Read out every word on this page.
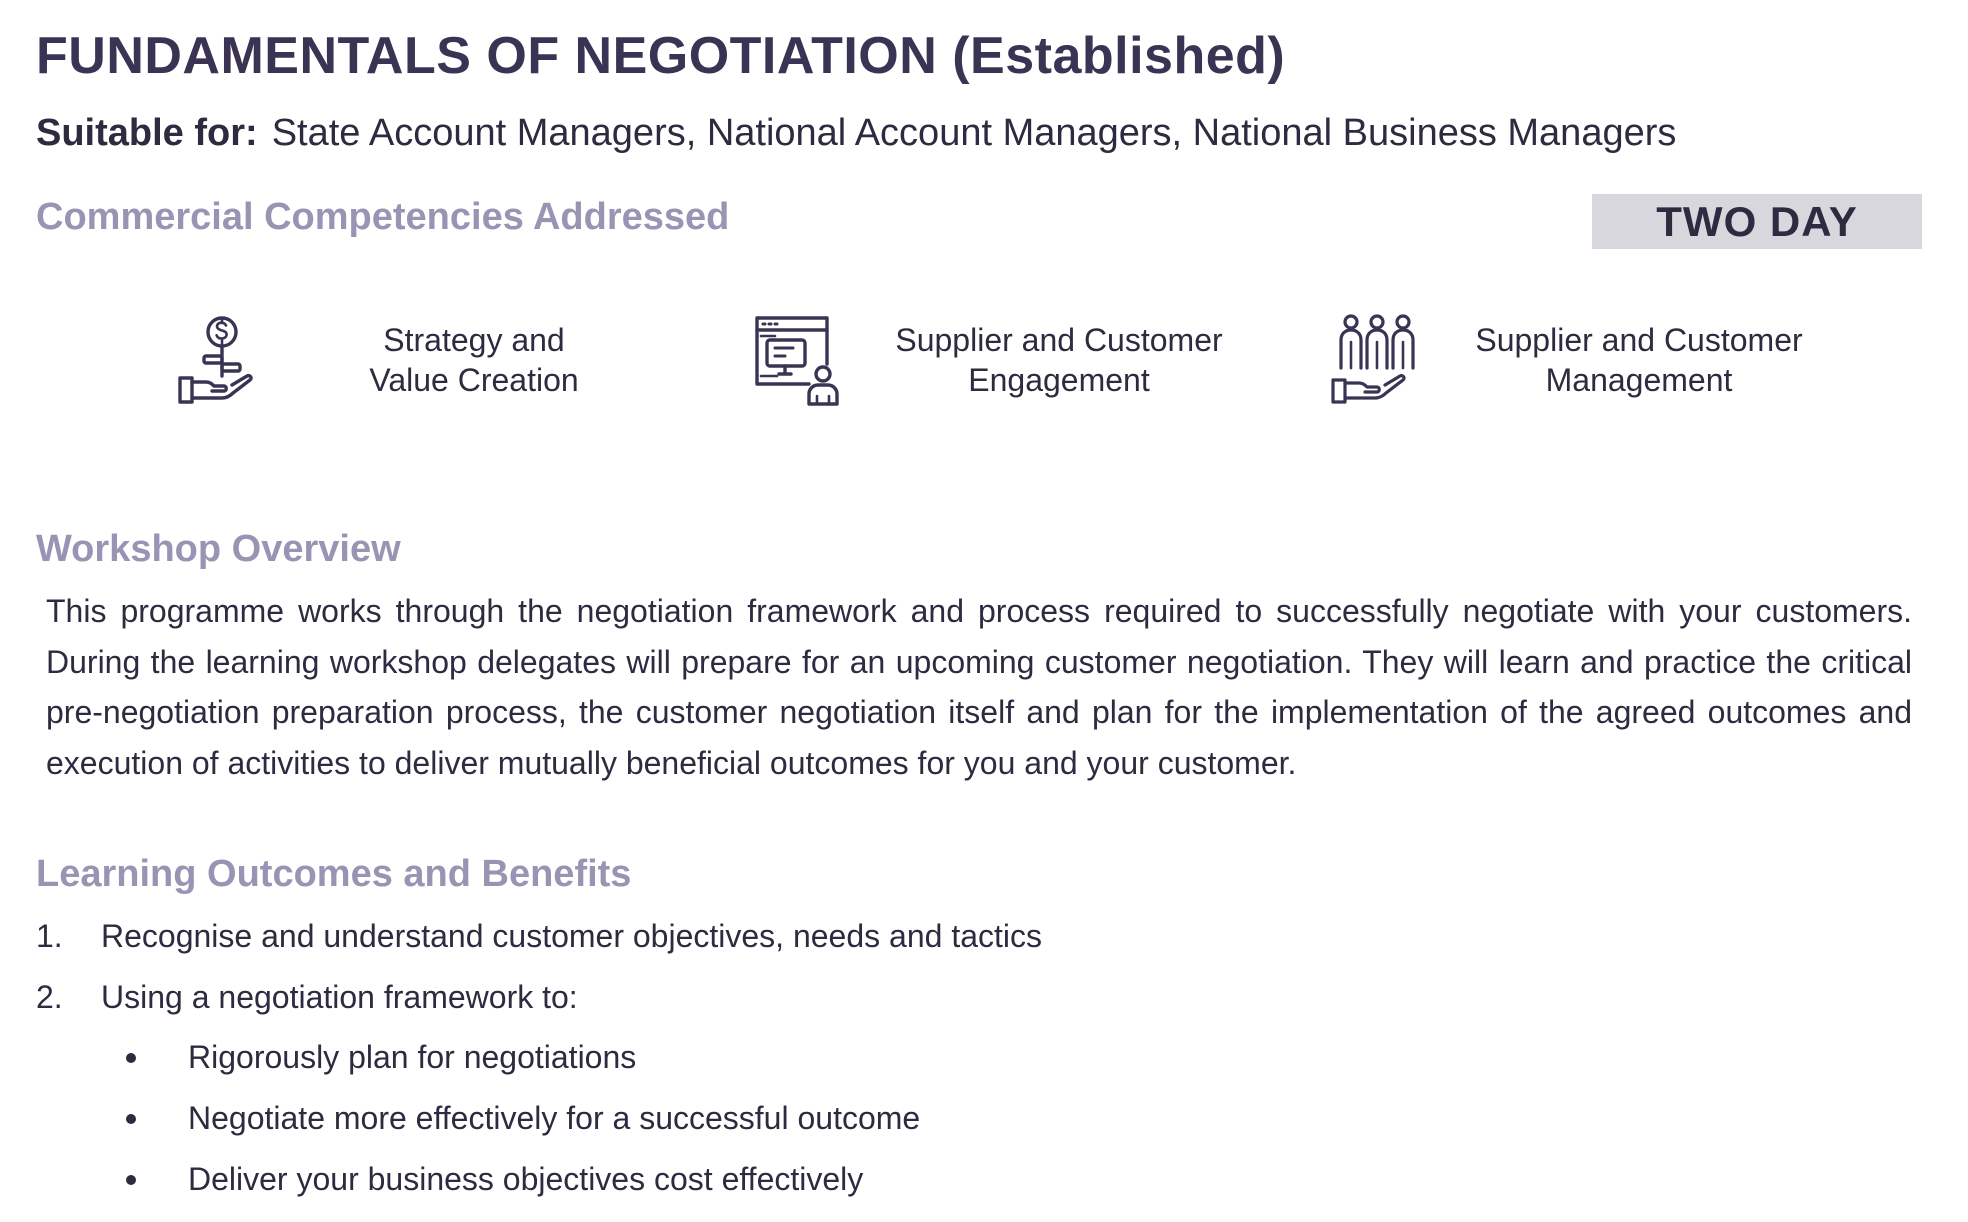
FUNDAMENTALS OF NEGOTIATION (Established)
Suitable for: State Account Managers, National Account Managers, National Business Managers
Commercial Competencies Addressed	TWO DAY
Strategy and
Value Creation
Supplier and Customer
Engagement
Supplier and Customer
Management
Workshop Overview

This programme works through the negotiation framework and process required to successfully negotiate with your customers. During the learning workshop delegates will prepare for an upcoming customer negotiation. They will learn and practice the critical pre-negotiation preparation process, the customer negotiation itself and plan for the implementation of the agreed outcomes and execution of activities to deliver mutually beneficial outcomes for you and your customer.

Learning Outcomes and Benefits
1. Recognise and understand customer objectives, needs and tactics
2. Using a negotiation framework to:
Rigorously plan for negotiations
Negotiate more effectively for a successful outcome
Deliver your business objectives cost effectively
